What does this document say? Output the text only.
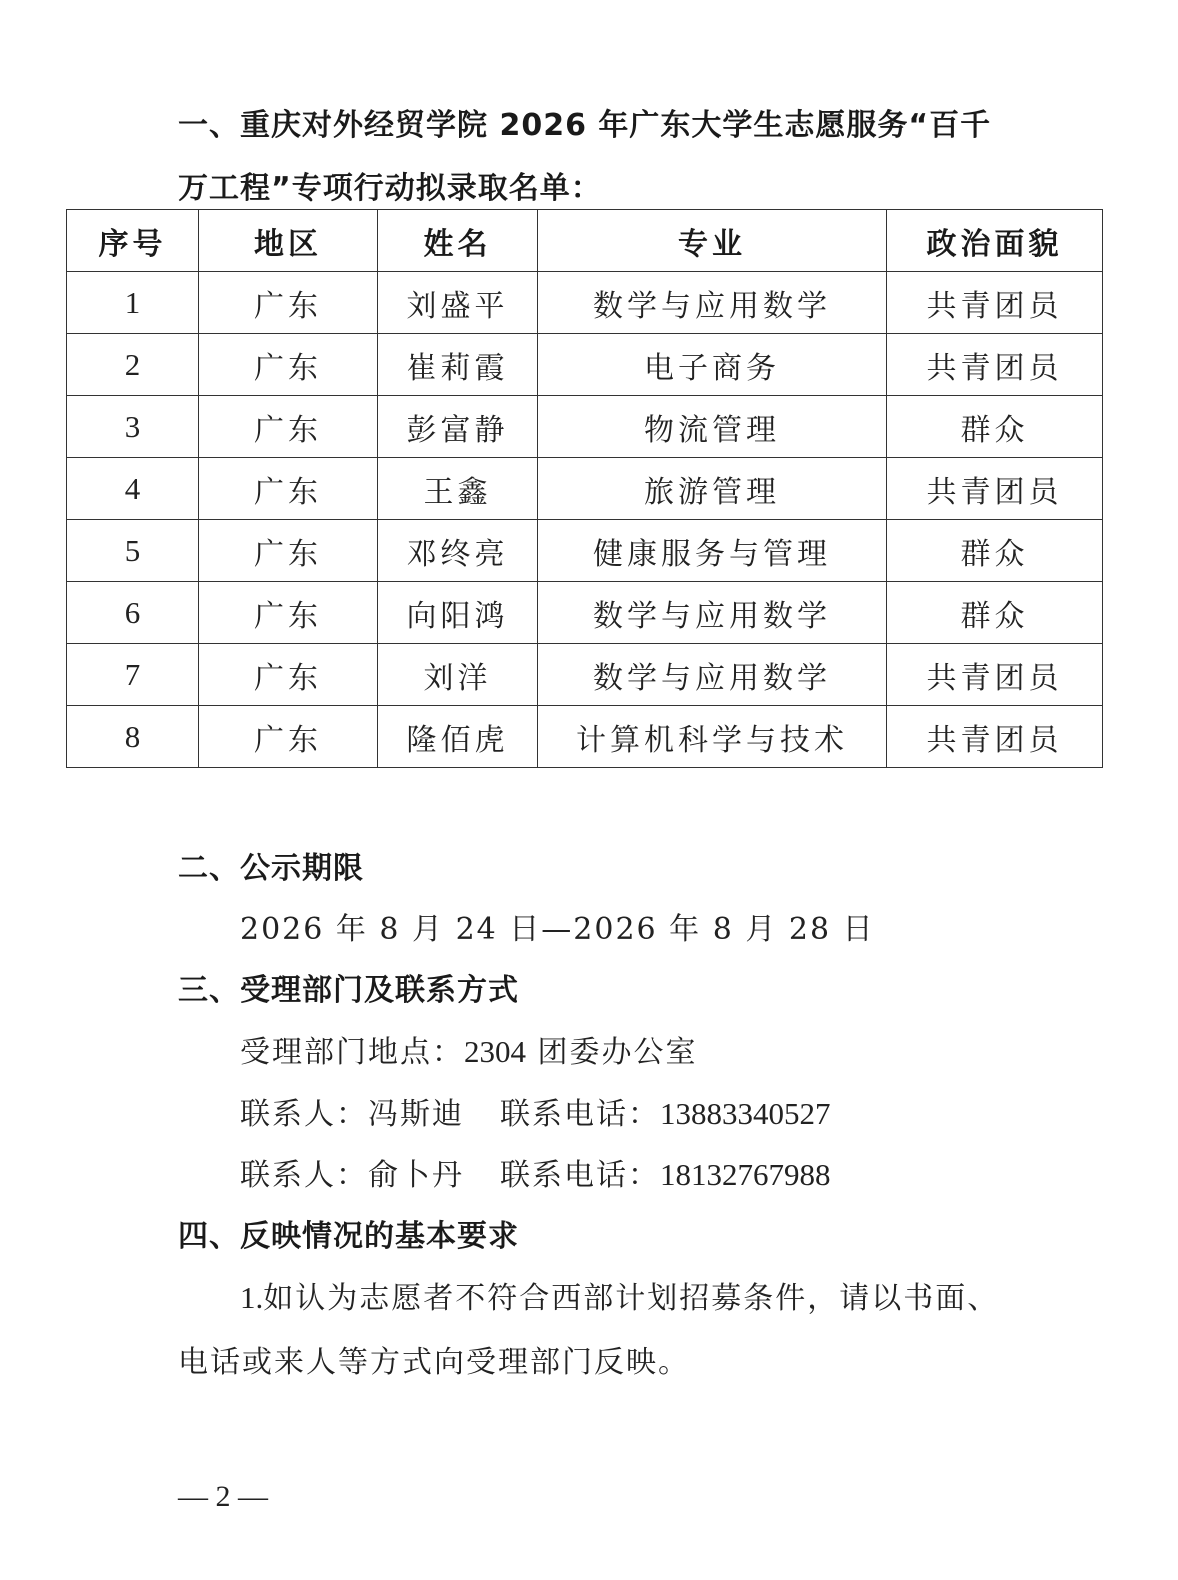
一、重庆对外经贸学院 2026 年广东大学生志愿服务“百千
万工程”专项行动拟录取名单：
序号	地区	姓名	专业	政治面貌
1	广东	刘盛平	数学与应用数学	共青团员
2	广东	崔莉霞	电子商务	共青团员
3	广东	彭富静	物流管理	群众
4	广东	王鑫	旅游管理	共青团员
5	广东	邓终亮	健康服务与管理	群众
6	广东	向阳鸿	数学与应用数学	群众
7	广东	刘洋	数学与应用数学	共青团员
8	广东	隆佰虎	计算机科学与技术	共青团员
二、公示期限
2026 年 8 月 24 日—2026 年 8 月 28 日
三、受理部门及联系方式
受理部门地点：2304 团委办公室
联系人：冯斯迪 联系电话：13883340527
联系人：俞卜丹 联系电话：18132767988
四、反映情况的基本要求
1.如认为志愿者不符合西部计划招募条件，请以书面、
电话或来人等方式向受理部门反映。
— 2 —
